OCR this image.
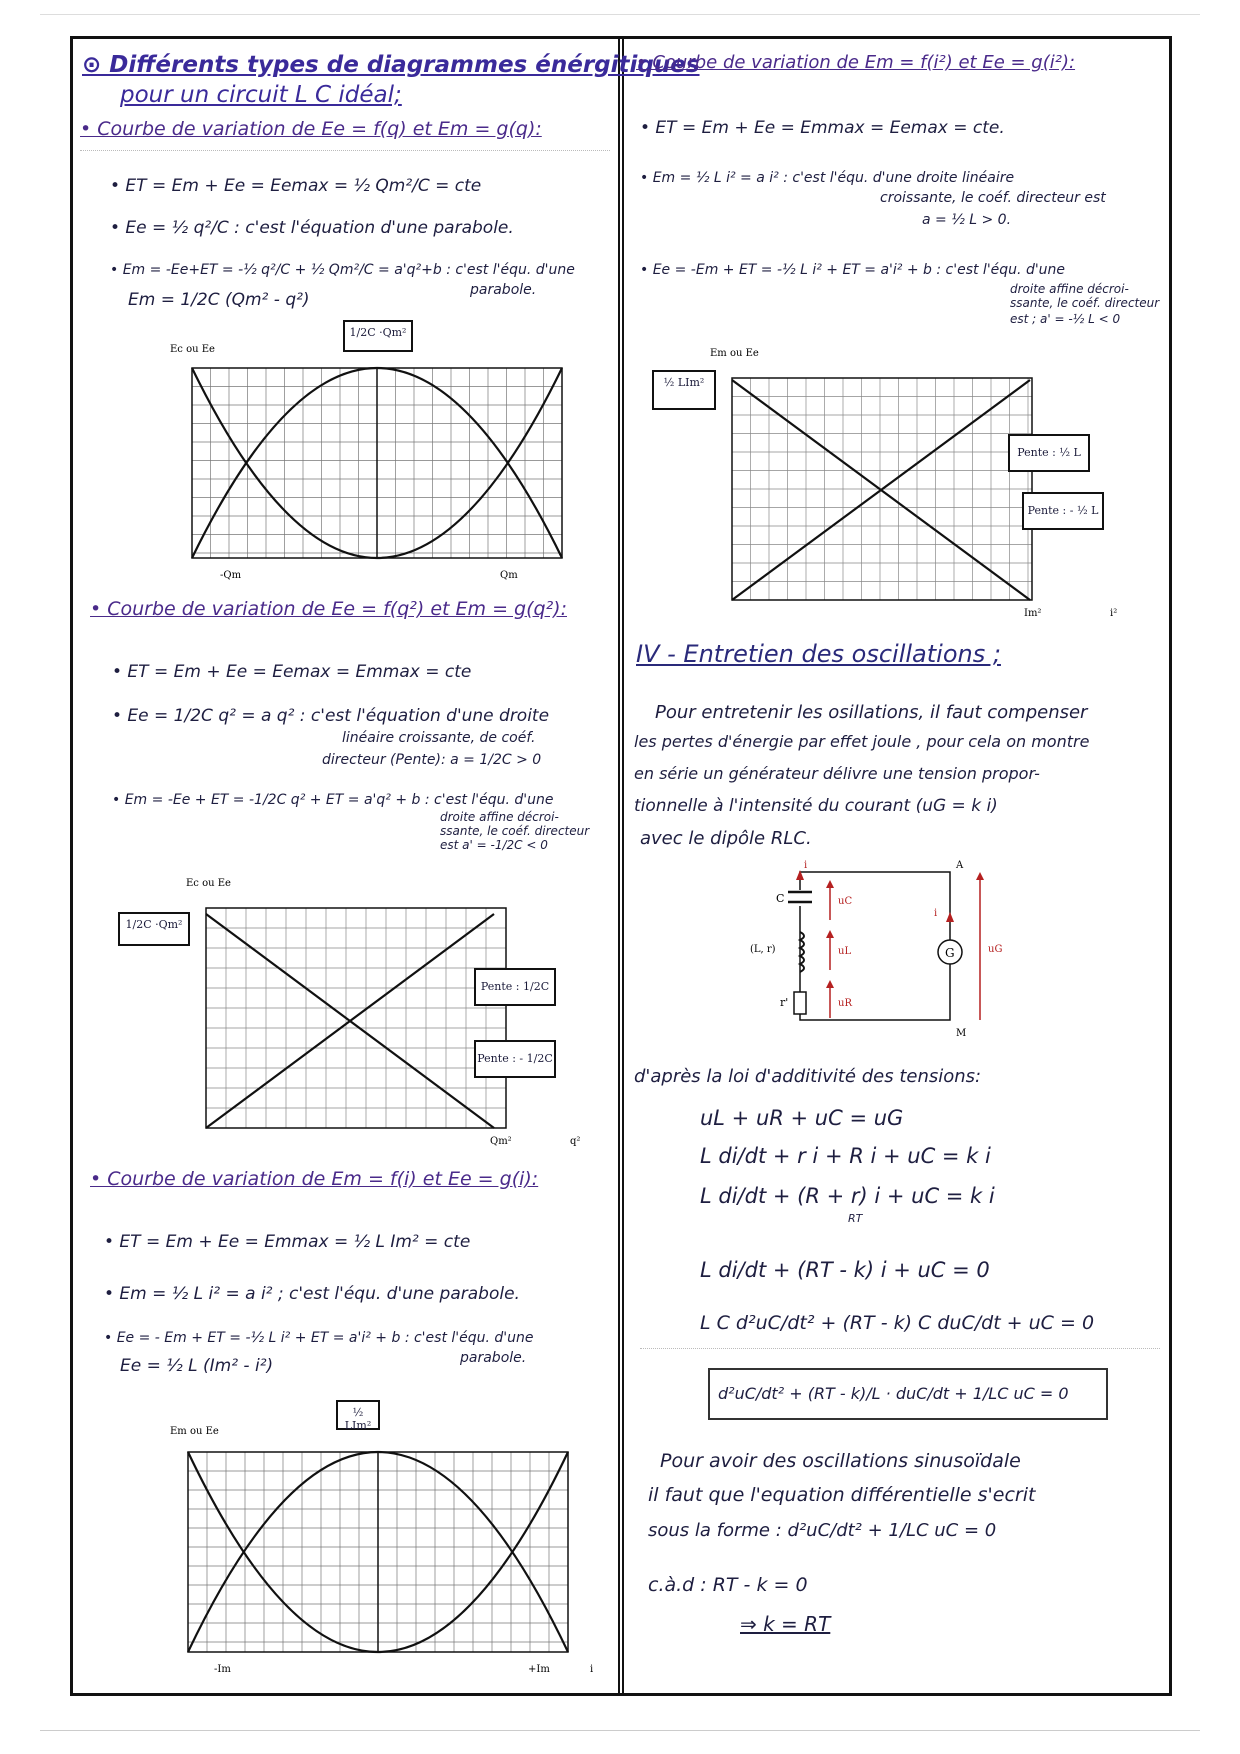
⊙ Différents types de diagrammes énérgitiques
pour un circuit L C idéal;
• Courbe de variation de Ee = f(q) et Em = g(q):
• ET = Em + Ee = Eemax = ½ Qm²/C = cte
• Ee = ½ q²/C : c'est l'équation d'une parabole.
• Em = -Ee+ET = -½ q²/C + ½ Qm²/C = a'q²+b : c'est l'équ. d'une
parabole.
Em = 1/2C (Qm² - q²)
Ec ou Ee
-Qm	Qm
1/2C ·Qm²
• Courbe de variation de Ee = f(q²) et Em = g(q²):
• ET = Em + Ee = Eemax = Emmax = cte
• Ee = 1/2C q² = a q² : c'est l'équation d'une droite
linéaire croissante, de coéf.
directeur (Pente): a = 1/2C > 0
• Em = -Ee + ET = -1/2C q² + ET = a'q² + b : c'est l'équ. d'une
droite affine décroi-
ssante, le coéf. directeur
est a' = -1/2C < 0
Ec ou Ee
Qm²	q²
1/2C ·Qm²
Pente : 1/2C
Pente : - 1/2C
• Courbe de variation de Em = f(i) et Ee = g(i):
• ET = Em + Ee = Emmax = ½ L Im² = cte
• Em = ½ L i² = a i² ; c'est l'équ. d'une parabole.
• Ee = - Em + ET = -½ L i² + ET = a'i² + b : c'est l'équ. d'une
parabole.
Ee = ½ L (Im² - i²)
Em ou Ee
-Im	+Im	i
½ LIm²
• Courbe de variation de Em = f(i²) et Ee = g(i²):
• ET = Em + Ee = Emmax = Eemax = cte.
• Em = ½ L i² = a i² : c'est l'équ. d'une droite linéaire
croissante, le coéf. directeur est
a = ½ L > 0.
• Ee = -Em + ET = -½ L i² + ET = a'i² + b : c'est l'équ. d'une
droite affine décroi-
ssante, le coéf. directeur
est ; a' = -½ L < 0
Em ou Ee
Im²	i²
½ LIm²
Pente : ½ L
Pente : - ½ L
IV - Entretien des oscillations ;
Pour entretenir les osillations, il faut compenser
les pertes d'énergie par effet joule , pour cela on montre
en série un générateur délivre une tension propor-
tionnelle à l'intensité du courant (uG = k i)
avec le dipôle RLC.
G
C
(L, r)
r'
uC
uL
uR
uG
i
i
A
M
d'après la loi d'additivité des tensions:
uL + uR + uC = uG
L di/dt + r i + R i + uC = k i
L di/dt + (R + r) i + uC = k i
RT
L di/dt + (RT - k) i + uC = 0
L C d²uC/dt² + (RT - k) C duC/dt + uC = 0
d²uC/dt² + (RT - k)/L · duC/dt + 1/LC uC = 0
Pour avoir des oscillations sinusoïdale
il faut que l'equation différentielle s'ecrit
sous la forme : d²uC/dt² + 1/LC uC = 0
c.à.d : RT - k = 0
⇒ k = RT
